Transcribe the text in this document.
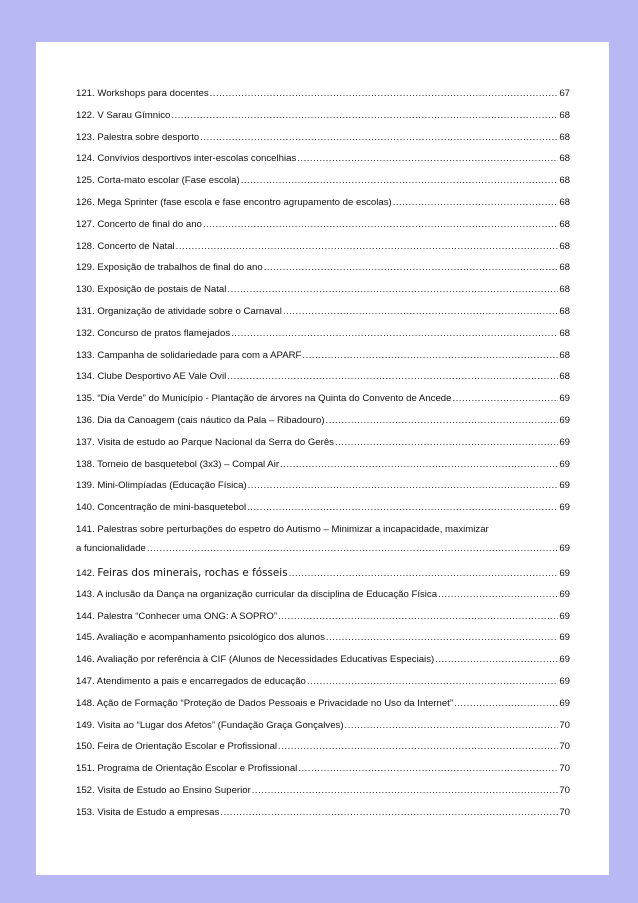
121. Workshops para docentes .....	67
122. V Sarau Gímnico .....	68
123. Palestra sobre desporto .....	68
124. Convívios desportivos inter-escolas concelhias .....	68
125. Corta-mato escolar (Fase escola) .....	68
126. Mega Sprinter (fase escola e fase encontro agrupamento de escolas) .....	68
127. Concerto de final do ano .....	68
128. Concerto de Natal .....	68
129. Exposição de trabalhos de final do ano .....	68
130. Exposição de postais de Natal .....	68
131. Organização de atividade sobre o Carnaval .....	68
132. Concurso de pratos flamejados .....	68
133. Campanha de solidariedade para com a APARF .....	68
134. Clube Desportivo AE Vale Ovil .....	68
135. “Dia Verde” do Município - Plantação de árvores na Quinta do Convento de Ancede .....	69
136. Dia da Canoagem (cais náutico da Pala – Ribadouro) .....	69
137. Visita de estudo ao Parque Nacional da Serra do Gerês .....	69
138. Torneio de basquetebol (3x3) – Compal Air .....	69
139. Mini-Olimpíadas (Educação Física) .....	69
140. Concentração de mini-basquetebol .....	69
141. Palestras sobre perturbações do espetro do Autismo – Minimizar a incapacidade, maximizar
a funcionalidade .....	69
142. Feiras dos minerais, rochas e fósseis .....	69
143. A inclusão da Dança na organização curricular da disciplina de Educação Física .....	69
144. Palestra “Conhecer uma ONG: A SOPRO” .....	69
145. Avaliação e acompanhamento psicológico dos alunos .....	69
146. Avaliação por referência à CIF (Alunos de Necessidades Educativas Especiais) .....	69
147. Atendimento a pais e encarregados de educação .....	69
148. Ação de Formação “Proteção de Dados Pessoais e Privacidade no Uso da Internet” .....	69
149. Visita ao “Lugar dos Afetos” (Fundação Graça Gonçalves) .....	70
150. Feira de Orientação Escolar e Profissional .....	70
151. Programa de Orientação Escolar e Profissional .....	70
152. Visita de Estudo ao Ensino Superior .....	70
153. Visita de Estudo a empresas .....	70
